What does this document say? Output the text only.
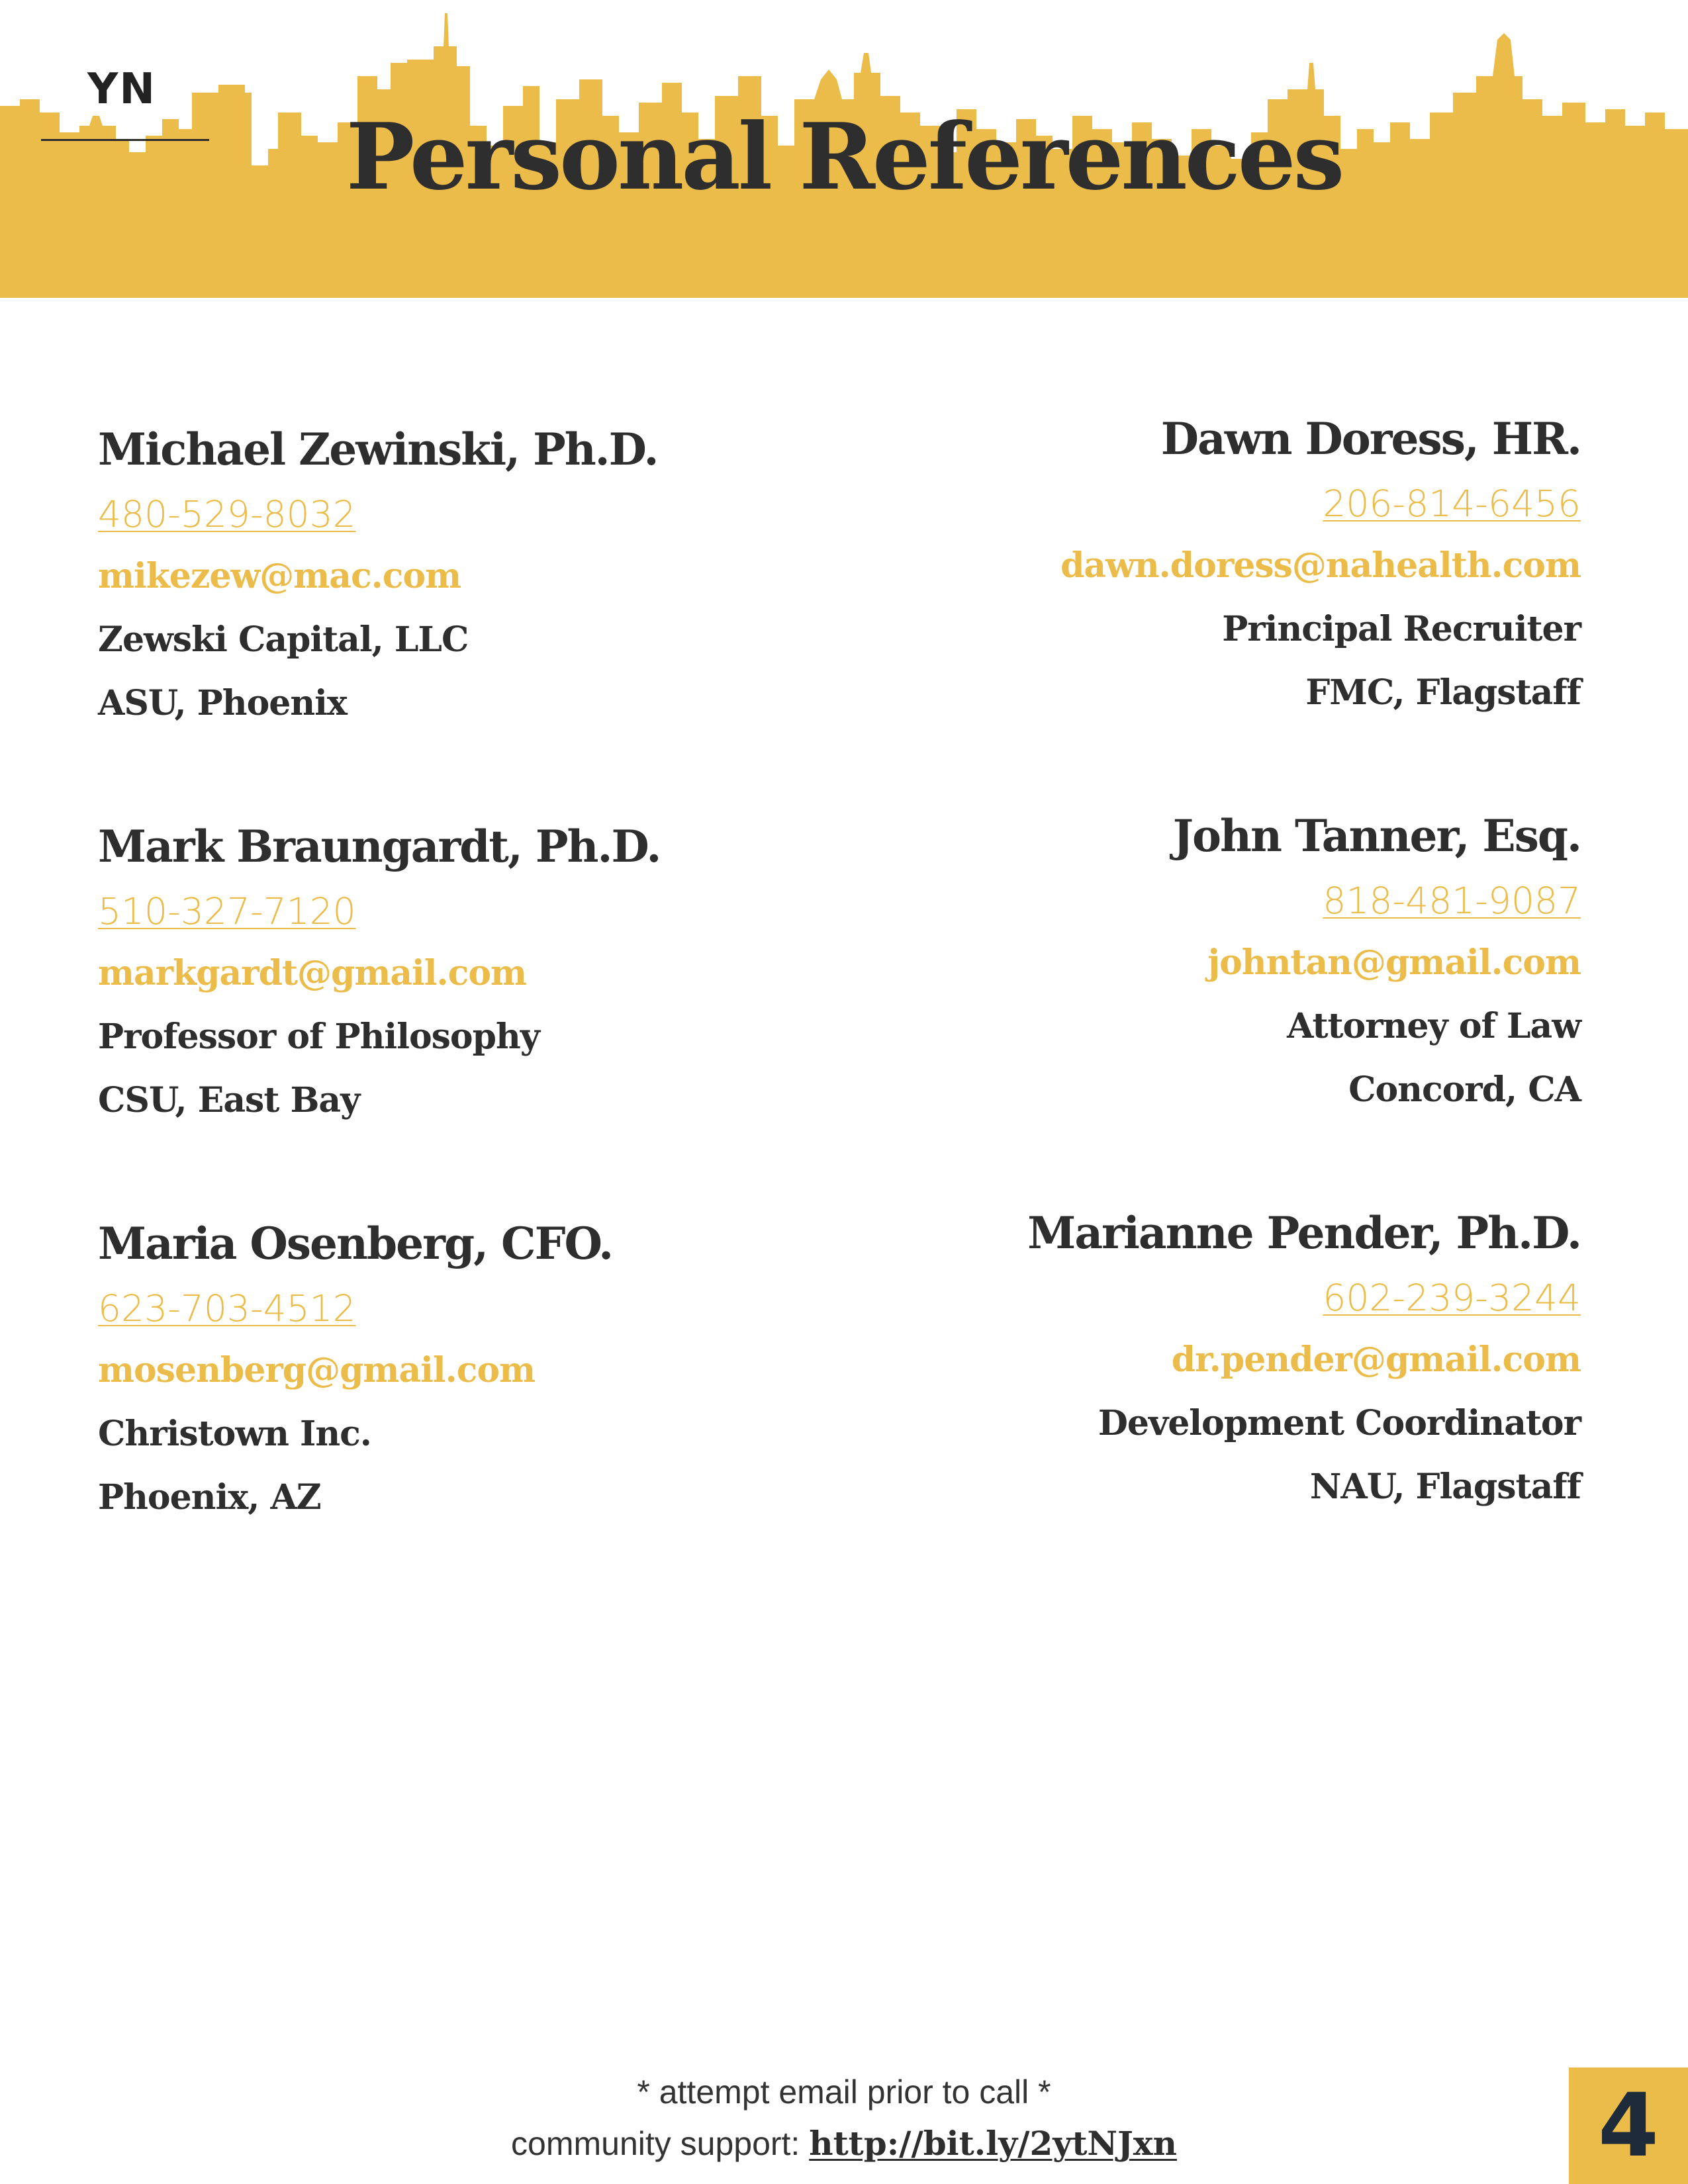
YN
Personal References
Michael Zewinski, Ph.D.
480-529-8032
mikezew@mac.com
Zewski Capital, LLC
ASU, Phoenix
Mark Braungardt, Ph.D.
510-327-7120
markgardt@gmail.com
Professor of Philosophy
CSU, East Bay
Maria Osenberg, CFO.
623-703-4512
mosenberg@gmail.com
Christown Inc.
Phoenix, AZ
Dawn Doress, HR.
206-814-6456
dawn.doress@nahealth.com
Principal Recruiter
FMC, Flagstaff
John Tanner, Esq.
818-481-9087
johntan@gmail.com
Attorney of Law
Concord, CA
Marianne Pender, Ph.D.
602-239-3244
dr.pender@gmail.com
Development Coordinator
NAU, Flagstaff
* attempt email prior to call *
community support: http://bit.ly/2ytNJxn	4
